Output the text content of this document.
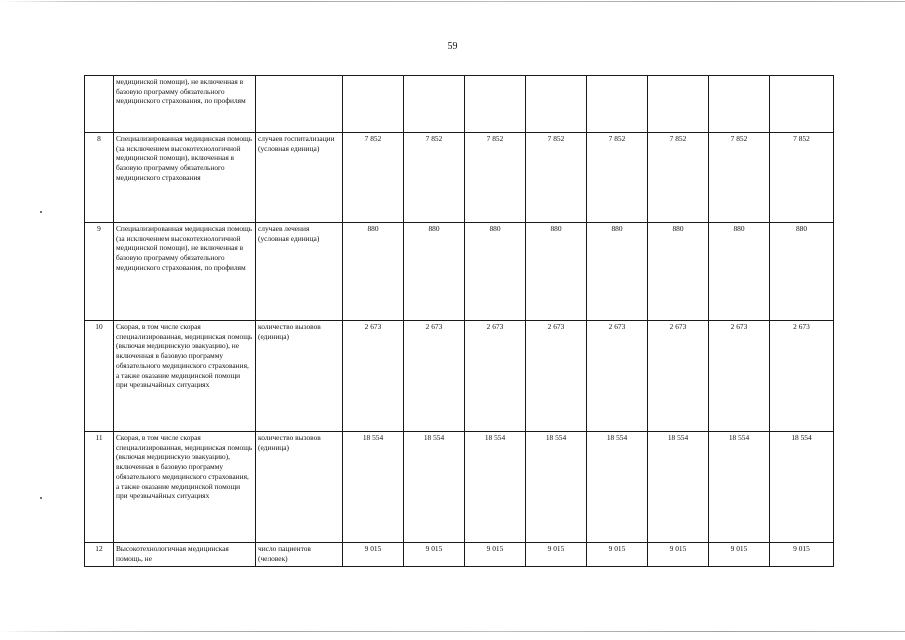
59
	медицинской помощи), не включенная в базовую программу обязательного медицинского страхования, по профилям									
8	Специализированная медицинская помощь (за исключением высокотехнологичной медицинской помощи), включенная в базовую программу обязательного медицинского страхования	случаев госпитализации (условная единица)	7 852	7 852	7 852	7 852	7 852	7 852	7 852	7 852
9	Специализированная медицинская помощь (за исключением высокотехнологичной медицинской помощи), не включенная в базовую программу обязательного медицинского страхования, по профилям	случаев лечения (условная единица)	880	880	880	880	880	880	880	880
10	Скорая, в том числе скорая специализированная, медицинская помощь (включая медицинскую эвакуацию), не включенная в базовую программу обязательного медицинского страхования, а также оказание медицинской помощи при чрезвычайных ситуациях	количество вызовов (единица)	2 673	2 673	2 673	2 673	2 673	2 673	2 673	2 673
11	Скорая, в том числе скорая специализированная, медицинская помощь (включая медицинскую эвакуацию), включенная в базовую программу обязательного медицинского страхования, а также оказание медицинской помощи при чрезвычайных ситуациях	количество вызовов (единица)	18 554	18 554	18 554	18 554	18 554	18 554	18 554	18 554
12	Высокотехнологичная медицинская помощь, не	число пациентов (человек)	9 015	9 015	9 015	9 015	9 015	9 015	9 015	9 015
